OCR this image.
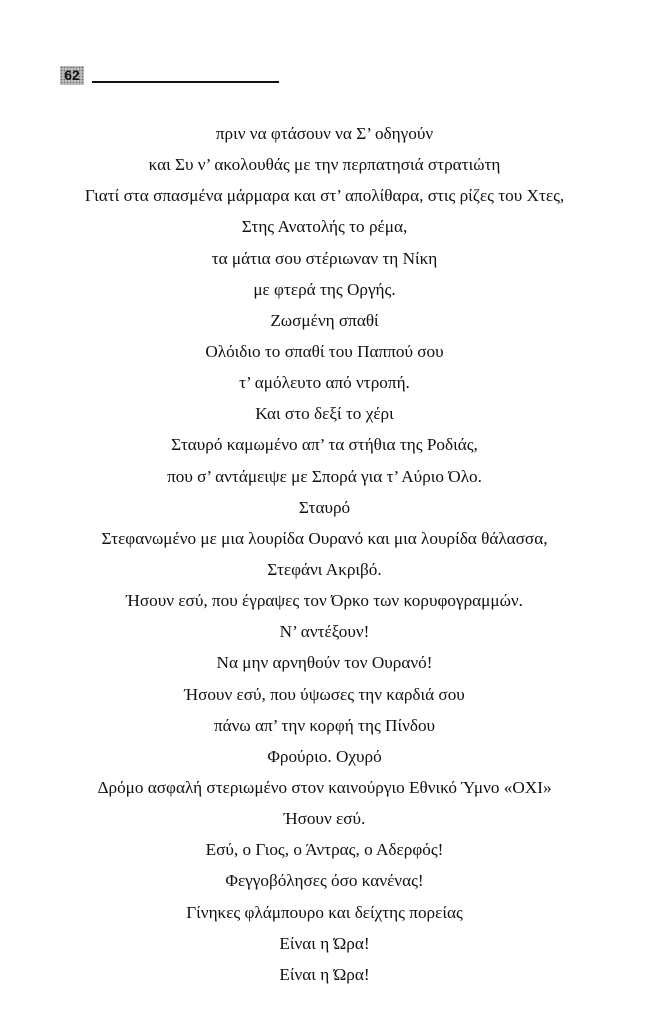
62
πριν να φτάσουν να Σ’ οδηγούν
και Συ ν’ ακολουθάς με την περπατησιά στρατιώτη
Γιατί στα σπασμένα μάρμαρα και στ’ απολίθαρα, στις ρίζες του Χτες,
Στης Ανατολής το ρέμα,
τα μάτια σου στέριωναν τη Νίκη
με φτερά της Οργής.
Ζωσμένη σπαθί
Ολόιδιο το σπαθί του Παππού σου
τ’ αμόλευτο από ντροπή.
Και στο δεξί το χέρι
Σταυρό καμωμένο απ’ τα στήθια της Ροδιάς,
που σ’ αντάμειψε με Σπορά για τ’ Αύριο Όλο.
Σταυρό
Στεφανωμένο με μια λουρίδα Ουρανό και μια λουρίδα θάλασσα,
Στεφάνι Ακριβό.
Ήσουν εσύ, που έγραψες τον Όρκο των κορυφογραμμών.
Ν’ αντέξουν!
Να μην αρνηθούν τον Ουρανό!
Ήσουν εσύ, που ύψωσες την καρδιά σου
πάνω απ’ την κορφή της Πίνδου
Φρούριο. Οχυρό
Δρόμο ασφαλή στεριωμένο στον καινούργιο Εθνικό Ύμνο «ΟΧΙ»
Ήσουν εσύ.
Εσύ, ο Γιος, ο Άντρας, ο Αδερφός!
Φεγγοβόλησες όσο κανένας!
Γίνηκες φλάμπουρο και δείχτης πορείας
Είναι η Ώρα!
Είναι η Ώρα!
